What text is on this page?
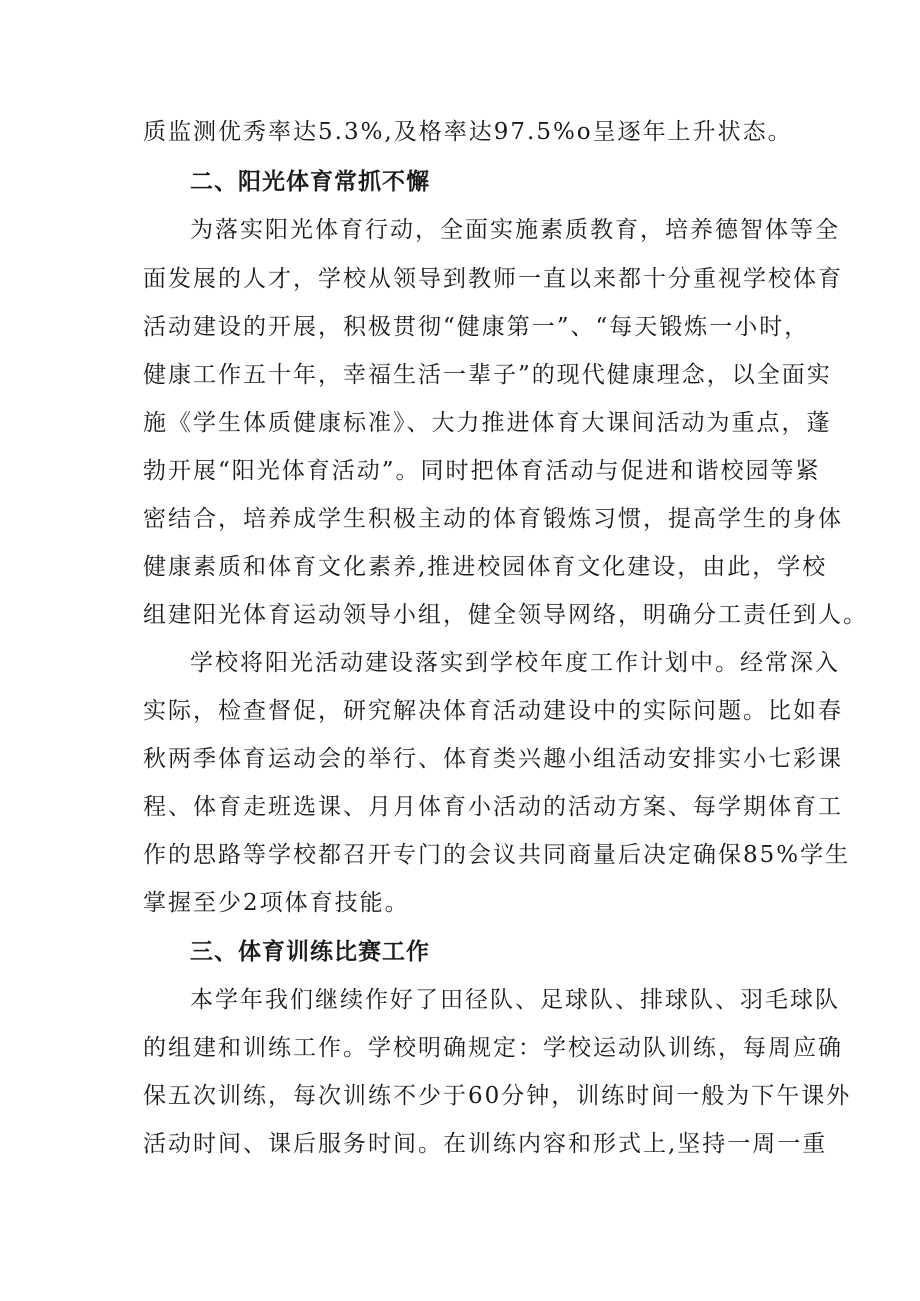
质监测优秀率达5.3%,及格率达97.5%o呈逐年上升状态。
二、阳光体育常抓不懈
为落实阳光体育行动，全面实施素质教育，培养德智体等全
面发展的人才，学校从领导到教师一直以来都十分重视学校体育
活动建设的开展，积极贯彻“健康第一”、“每天锻炼一小时，
健康工作五十年，幸福生活一辈子”的现代健康理念，以全面实
施《学生体质健康标准》、大力推进体育大课间活动为重点，蓬
勃开展“阳光体育活动”。同时把体育活动与促进和谐校园等紧
密结合，培养成学生积极主动的体育锻炼习惯，提高学生的身体
健康素质和体育文化素养,推进校园体育文化建设，由此，学校
组建阳光体育运动领导小组，健全领导网络，明确分工责任到人。
学校将阳光活动建设落实到学校年度工作计划中。经常深入
实际，检查督促，研究解决体育活动建设中的实际问题。比如春
秋两季体育运动会的举行、体育类兴趣小组活动安排实小七彩课
程、体育走班选课、月月体育小活动的活动方案、每学期体育工
作的思路等学校都召开专门的会议共同商量后决定确保85%学生
掌握至少2项体育技能。
三、体育训练比赛工作
本学年我们继续作好了田径队、足球队、排球队、羽毛球队
的组建和训练工作。学校明确规定：学校运动队训练，每周应确
保五次训练，每次训练不少于60分钟，训练时间一般为下午课外
活动时间、课后服务时间。在训练内容和形式上,坚持一周一重
